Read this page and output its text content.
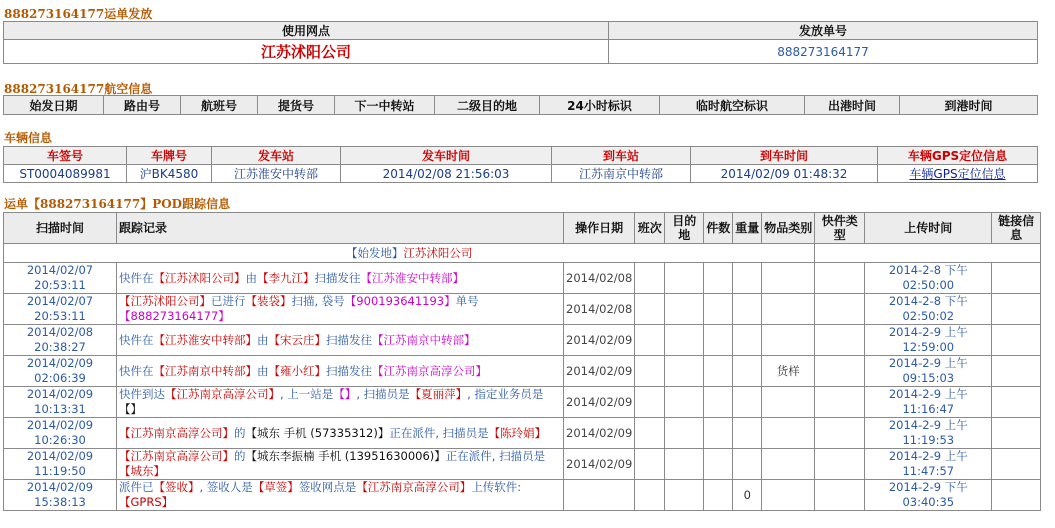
888273164177运单发放
使用网点	发放单号
江苏沭阳公司	888273164177
888273164177航空信息
始发日期	路由号	航班号	提货号	下一中转站	二级目的地	24小时标识	临时航空标识	出港时间	到港时间
车辆信息
车签号	车牌号	发车站	发车时间	到车站	到车时间	车辆GPS定位信息
ST0004089981	沪BK4580	江苏淮安中转部	2014/02/08 21:56:03	江苏南京中转部	2014/02/09 01:48:32	车辆GPS定位信息
运单【888273164177】POD跟踪信息
扫描时间	跟踪记录	操作日期	班次	目的地	件数	重量	物品类别	快件类型	上传时间	链接信息
【始发地】江苏沭阳公司										
2014/02/07
20:53:11	快件在【江苏沭阳公司】由【李九江】扫描发往【江苏淮安中转部】	2014/02/08							2014-2-8 下午
02:50:00	
2014/02/07
20:53:11	【江苏沭阳公司】已进行【装袋】扫描, 袋号【900193641193】单号
【888273164177】	2014/02/08							2014-2-8 下午
02:50:02	
2014/02/08
20:38:27	快件在【江苏淮安中转部】由【宋云庄】扫描发往【江苏南京中转部】	2014/02/09							2014-2-9 上午
12:59:00	
2014/02/09
02:06:39	快件在【江苏南京中转部】由【雍小红】扫描发往【江苏南京高淳公司】	2014/02/09					货样		2014-2-9 上午
09:15:03	
2014/02/09
10:13:31	快件到达【江苏南京高淳公司】, 上一站是【】, 扫描员是【夏丽萍】, 指定业务员是
【】	2014/02/09							2014-2-9 上午
11:16:47	
2014/02/09
10:26:30	【江苏南京高淳公司】的【城东 手机 (57335312)】正在派件, 扫描员是【陈玲娟】	2014/02/09							2014-2-9 上午
11:19:53	
2014/02/09
11:19:50	【江苏南京高淳公司】的【城东李振楠 手机 (13951630006)】正在派件, 扫描员是
【城东】	2014/02/09							2014-2-9 上午
11:47:57	
2014/02/09
15:38:13	派件已【签收】, 签收人是【草签】签收网点是【江苏南京高淳公司】上传软件:
【GPRS】					0			2014-2-9 下午
03:40:35	
